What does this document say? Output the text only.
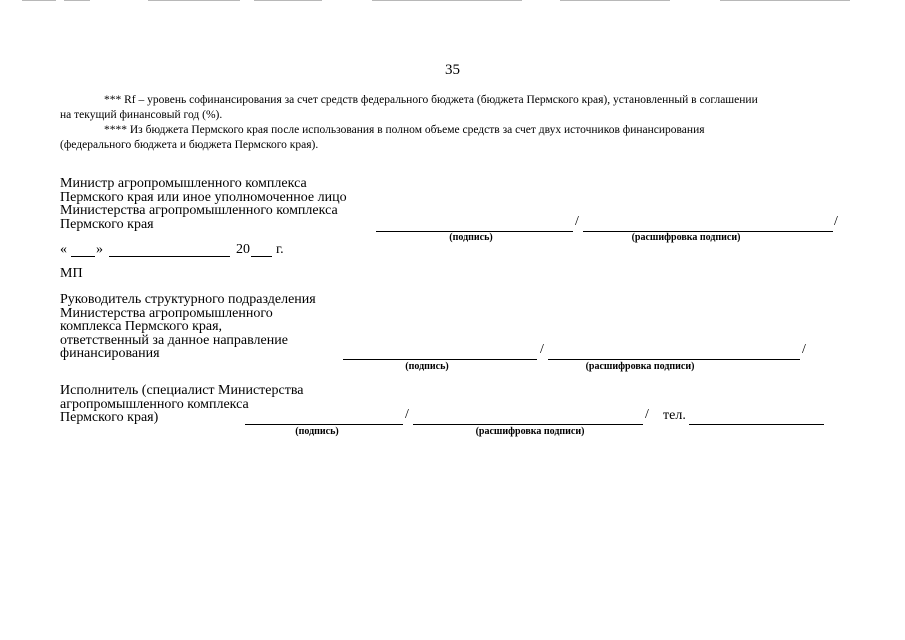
35
*** Rf – уровень софинансирования за счет средств федерального бюджета (бюджета Пермского края), установленный в соглашении
на текущий финансовый год (%).
**** Из бюджета Пермского края после использования в полном объеме средств за счет двух источников финансирования
(федерального бюджета и бюджета Пермского края).
Министр агропромышленного комплекса
Пермского края или иное уполномоченное лицо
Министерства агропромышленного комплекса
Пермского края	/	/
(подпись)	(расшифровка подписи)
« »	20 г.
МП
Руководитель структурного подразделения
Министерства агропромышленного
комплекса Пермского края,
ответственный за данное направление
финансирования	/	/
(подпись)	(расшифровка подписи)
Исполнитель (специалист Министерства
агропромышленного комплекса
Пермского края)	/	/ тел.
(подпись)	(расшифровка подписи)
